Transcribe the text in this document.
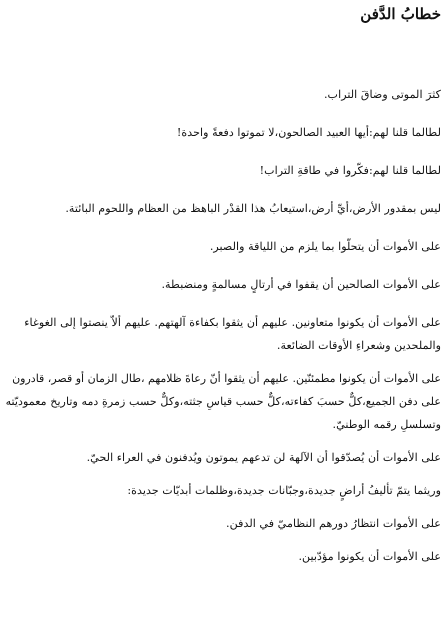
خطابُ الدَّفن

كثرَ الموتى وضاقَ التراب.

لطالما قلنا لهم:أيها العبيد الصالحون،لا تموتوا دفعةً واحدة!

لطالما قلنا لهم:فكّروا في طاقةِ التراب!

ليس بمقدور الأرض،أيِّ أرض،استيعابُ هذا القدْر الباهظ من العظام واللحوم البائتة.

على الأموات أن يتحلّوا بما يلزم من اللياقة والصبر.

على الأموات الصالحين أن يقفوا في أرتالٍ مسالمةٍ ومنضبطة.

على الأموات أن يكونوا متعاونين. عليهم أن يثقوا بكفاءة آلهتهم. عليهم ألاّ ينصتوا إلى الغوغاء

والملحدين وشعراءِ الأوقات الضائعة.

على الأموات أن يكونوا مطمئنّين. عليهم أن يثقوا أنّ رعاةَ ظلامهم ،طال الزمان أو قصر، قادرون

على دفن الجميع،كلٌّ حسبَ كفاءته،كلٌّ حسب قياسِ جثته،وكلٌّ حسب زمرةِ دمه وتاريخ معموديّته

وتسلسلِ رقمه الوطنيّ.

على الأموات أن يُصدّقوا أن الآلهة لن تدعهم يموتون ويُدفنون في العراء الحيّ.

وريثما يتمّ تأليفُ أراضٍ جديدة،وجبّانات جديدة،وظلمات أبديّات جديدة:

على الأموات انتظارُ دورهم النظاميّ في الدفن.

على الأموات أن يكونوا مؤدّبين.
